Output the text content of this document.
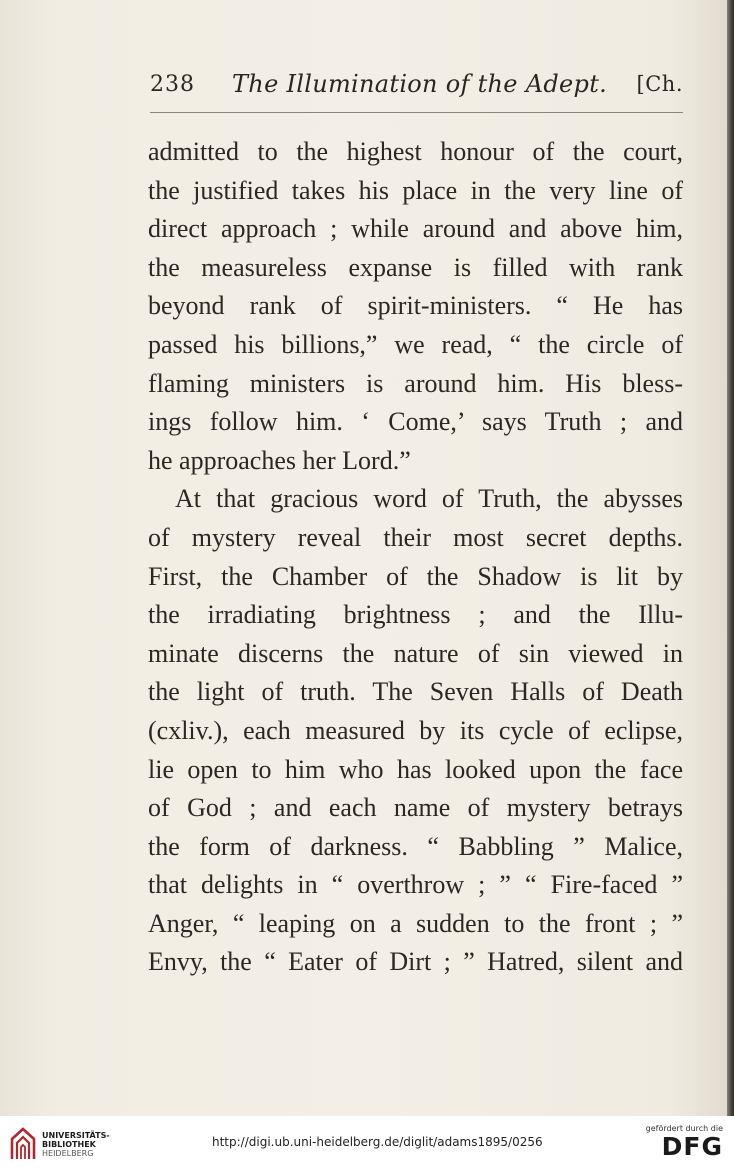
238 The Illumination of the Adept. [Ch.
admitted to the highest honour of the court,
the justified takes his place in the very line of
direct approach ; while around and above him,
the measureless expanse is filled with rank
beyond rank of spirit-ministers. “ He has
passed his billions,” we read, “ the circle of
flaming ministers is around him. His bless-
ings follow him. ‘ Come,’ says Truth ; and
he approaches her Lord.”
At that gracious word of Truth, the abysses
of mystery reveal their most secret depths.
First, the Chamber of the Shadow is lit by
the irradiating brightness ; and the Illu-
minate discerns the nature of sin viewed in
the light of truth. The Seven Halls of Death
(cxliv.), each measured by its cycle of eclipse,
lie open to him who has looked upon the face
of God ; and each name of mystery betrays
the form of darkness. “ Babbling ” Malice,
that delights in “ overthrow ; ” “ Fire-faced ”
Anger, “ leaping on a sudden to the front ; ”
Envy, the “ Eater of Dirt ; ” Hatred, silent and
UNIVERSITÄTS-
BIBLIOTHEK
HEIDELBERG
http://digi.ub.uni-heidelberg.de/diglit/adams1895/0256
gefördert durch die
DFG
